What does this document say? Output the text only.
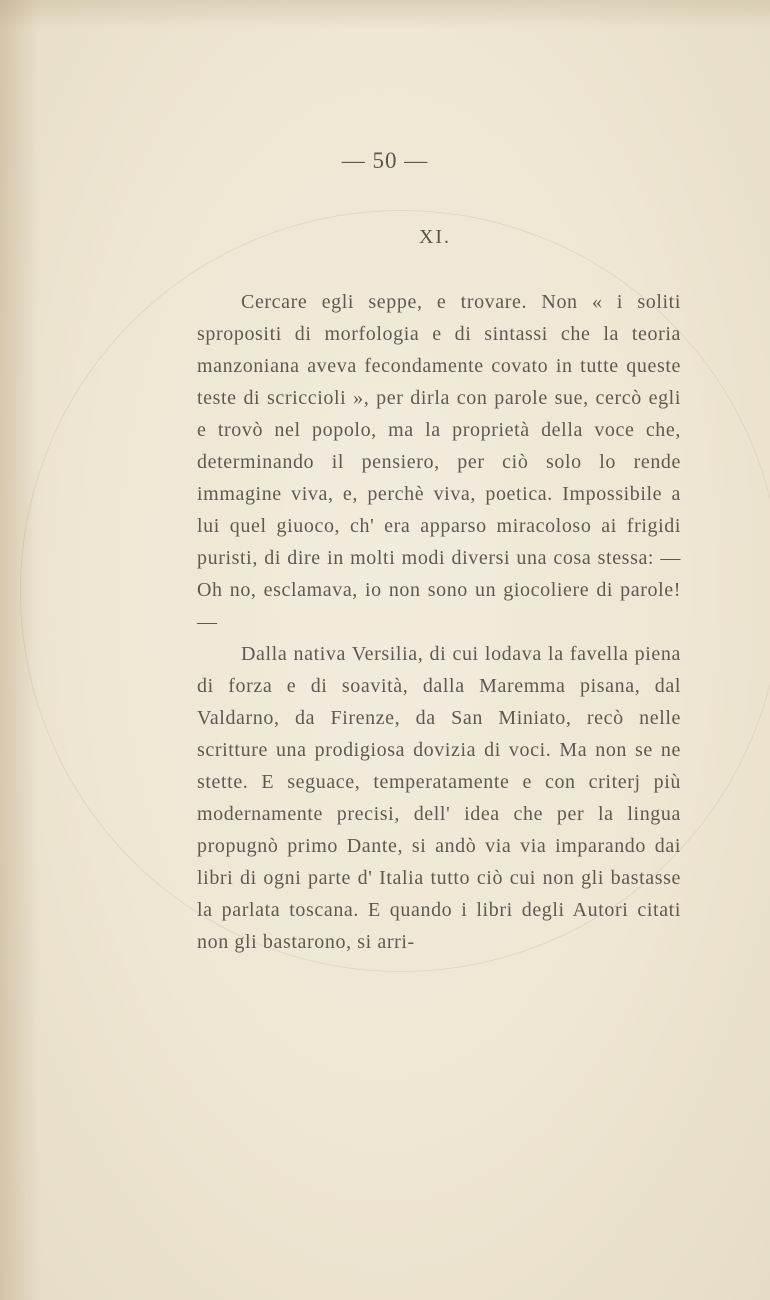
— 50 —
XI.

Cercare egli seppe, e trovare. Non « i soliti spropositi di morfologia e di sintassi che la teoria manzoniana aveva fecondamente covato in tutte queste teste di scriccioli », per dirla con parole sue, cercò egli e trovò nel popolo, ma la proprietà della voce che, determinando il pensiero, per ciò solo lo rende immagine viva, e, perchè viva, poetica. Impossibile a lui quel giuoco, ch' era apparso miracoloso ai frigidi puristi, di dire in molti modi diversi una cosa stessa: — Oh no, esclamava, io non sono un giocoliere di parole! —

Dalla nativa Versilia, di cui lodava la favella piena di forza e di soavità, dalla Maremma pisana, dal Valdarno, da Firenze, da San Miniato, recò nelle scritture una prodigiosa dovizia di voci. Ma non se ne stette. E seguace, temperatamente e con criterj più modernamente precisi, dell' idea che per la lingua propugnò primo Dante, si andò via via imparando dai libri di ogni parte d' Italia tutto ciò cui non gli bastasse la parlata toscana. E quando i libri degli Autori citati non gli bastarono, si arri-
